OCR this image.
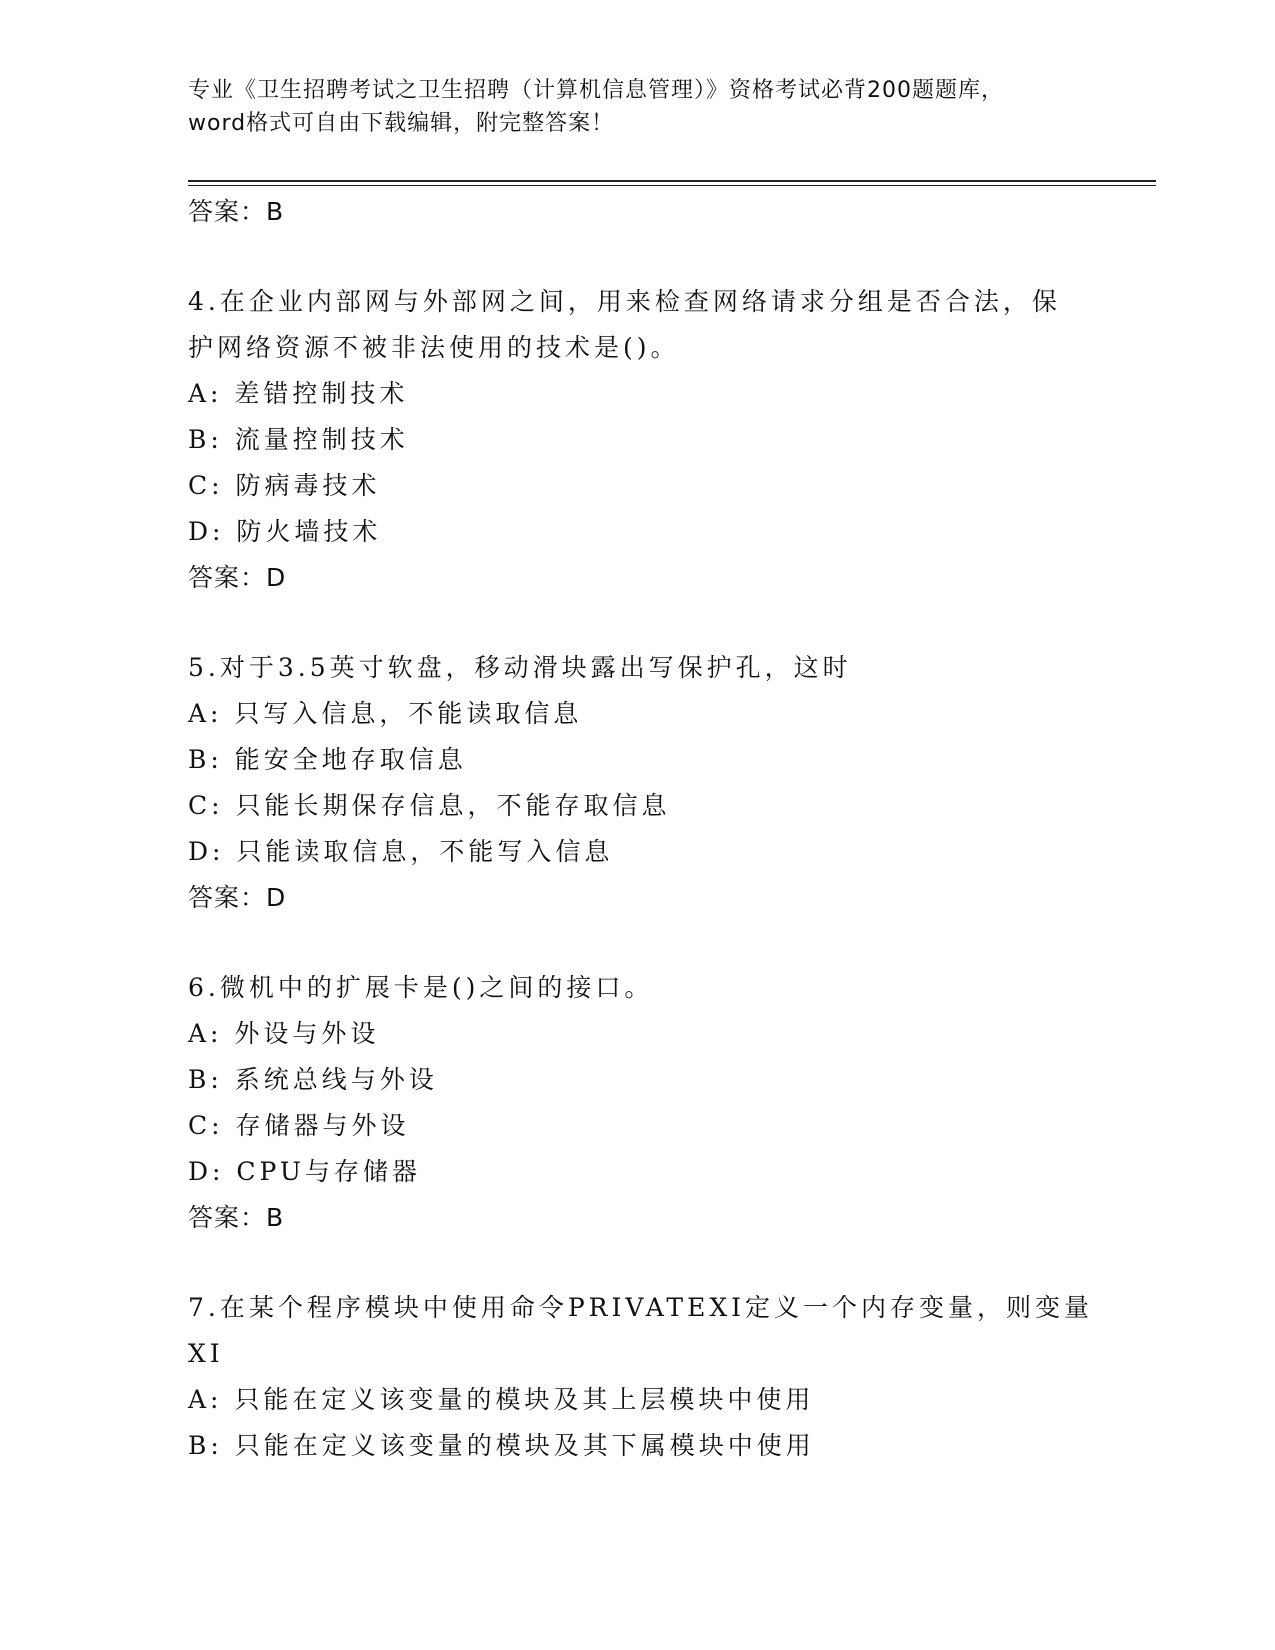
专业《卫生招聘考试之卫生招聘（计算机信息管理）》资格考试必背200题题库，
word格式可自由下载编辑，附完整答案！
答案：B
4.在企业内部网与外部网之间，用来检查网络请求分组是否合法，保
护网络资源不被非法使用的技术是()。
A: 差错控制技术
B: 流量控制技术
C: 防病毒技术
D: 防火墙技术
答案：D
5.对于3.5英寸软盘，移动滑块露出写保护孔，这时
A: 只写入信息，不能读取信息
B: 能安全地存取信息
C: 只能长期保存信息，不能存取信息
D: 只能读取信息，不能写入信息
答案：D
6.微机中的扩展卡是()之间的接口。
A: 外设与外设
B: 系统总线与外设
C: 存储器与外设
D: CPU与存储器
答案：B
7.在某个程序模块中使用命令PRIVATEXI定义一个内存变量，则变量
XI
A: 只能在定义该变量的模块及其上层模块中使用
B: 只能在定义该变量的模块及其下属模块中使用
